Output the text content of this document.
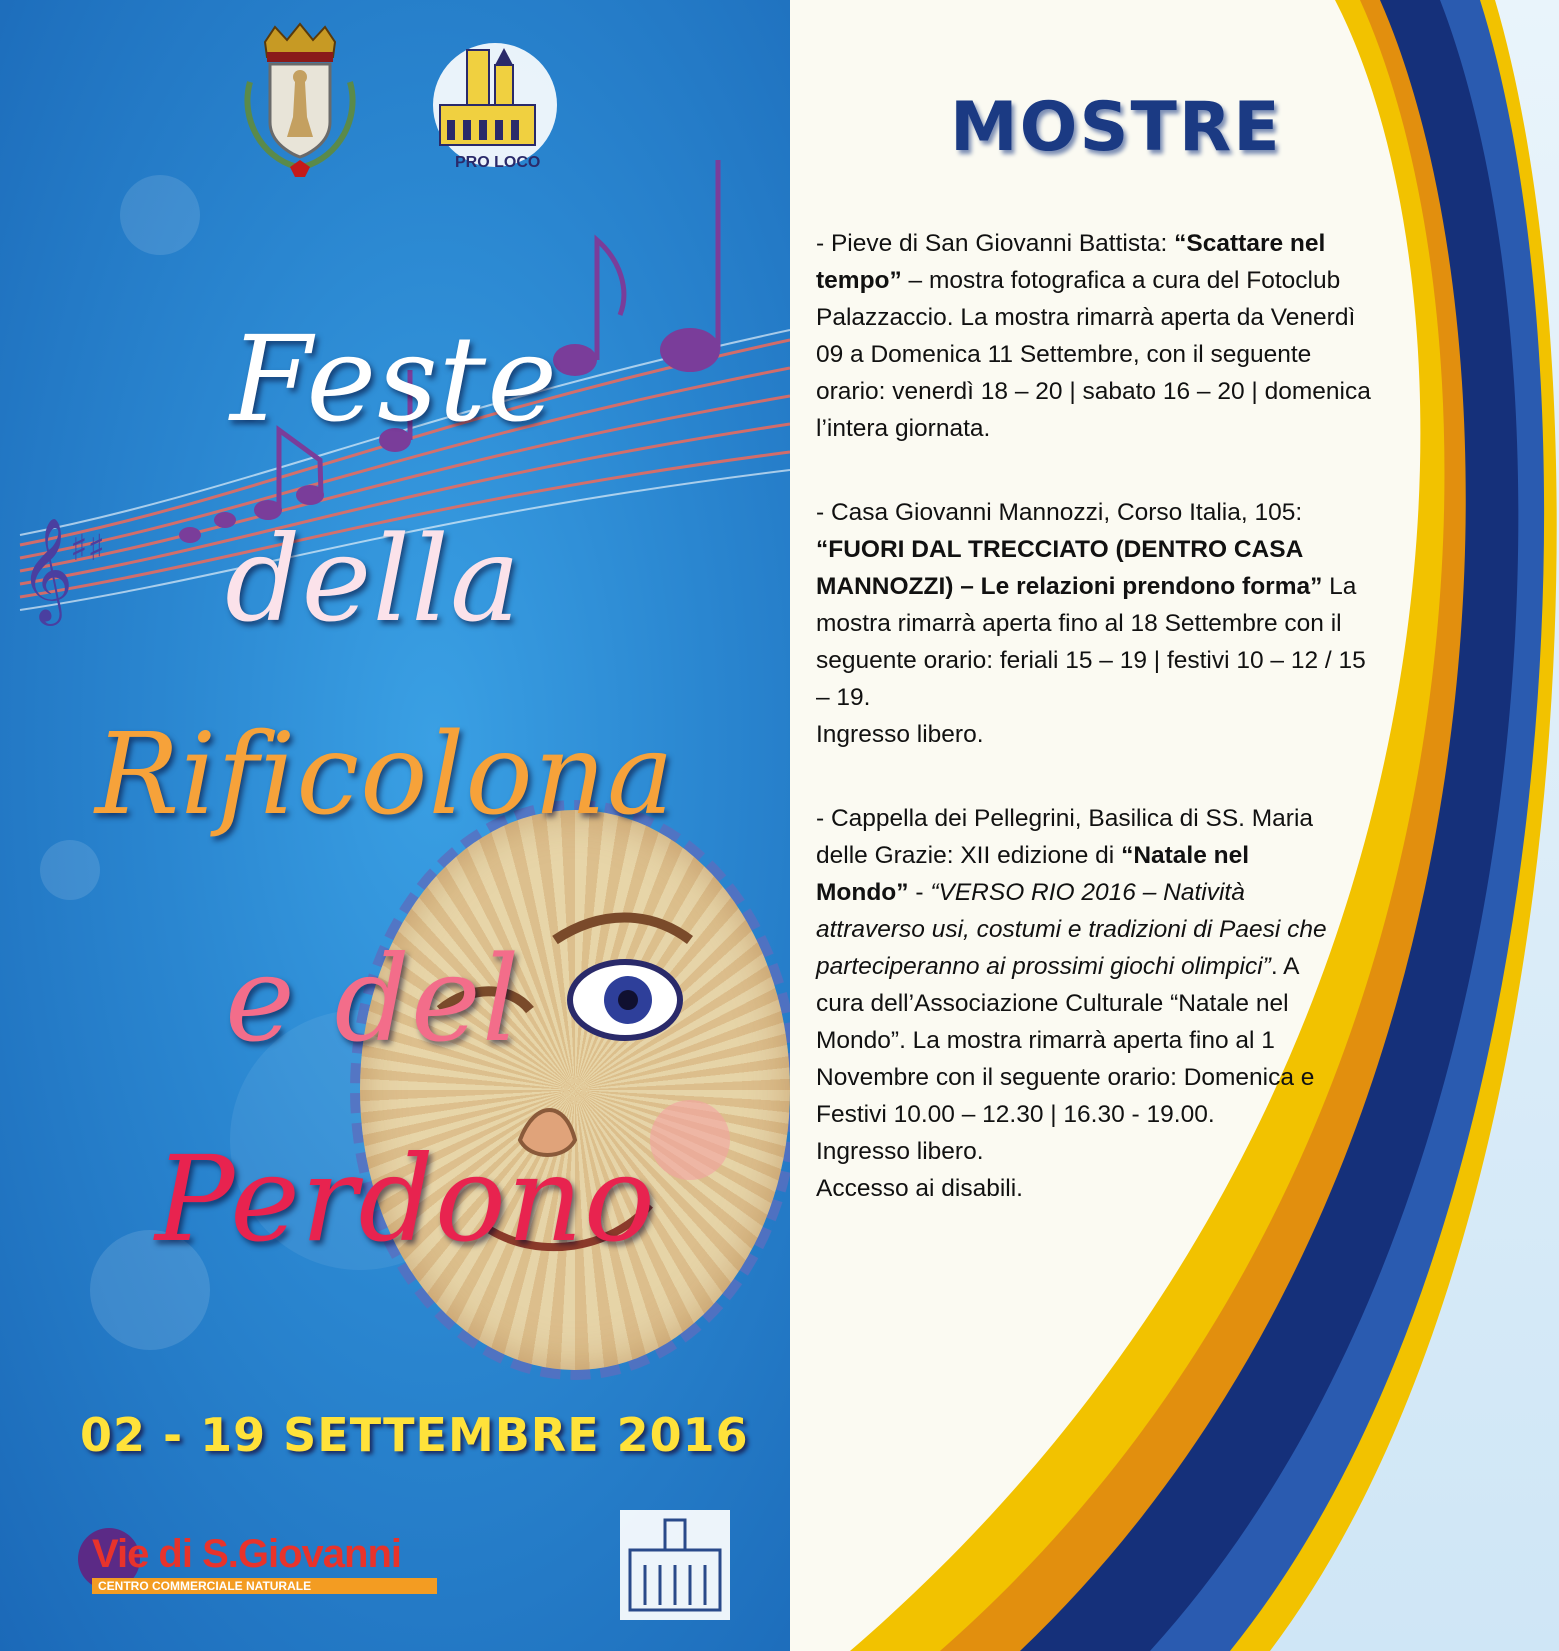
𝄞
♯♯
Feste
della
Rificolona
e del
Perdono
02 - 19 SETTEMBRE 2016
PRO LOCO
Vie di S.Giovanni
CENTRO COMMERCIALE NATURALE
MOSTRE
- Pieve di San Giovanni Battista: “Scattare nel tempo” – mostra fotografica a cura del Fotoclub Palazzaccio. La mostra rimarrà aperta da Venerdì 09 a Domenica 11 Settembre, con il seguente orario: venerdì 18 – 20 | sabato 16 – 20 | domenica l’intera giornata.
- Casa Giovanni Mannozzi, Corso Italia, 105: “FUORI DAL TRECCIATO (DENTRO CASA MANNOZZI) – Le relazioni prendono forma” La mostra rimarrà aperta fino al 18 Settembre con il seguente orario: feriali 15 – 19 | festivi 10 – 12 / 15 – 19.
Ingresso libero.
- Cappella dei Pellegrini, Basilica di SS. Maria delle Grazie: XII edizione di “Natale nel Mondo” - “VERSO RIO 2016 – Natività attraverso usi, costumi e tradizioni di Paesi che parteciperanno ai prossimi giochi olimpici”. A cura dell’Associazione Culturale “Natale nel Mondo”. La mostra rimarrà aperta fino al 1 Novembre con il seguente orario: Domenica e Festivi 10.00 – 12.30 | 16.30 - 19.00.
Ingresso libero.
Accesso ai disabili.
